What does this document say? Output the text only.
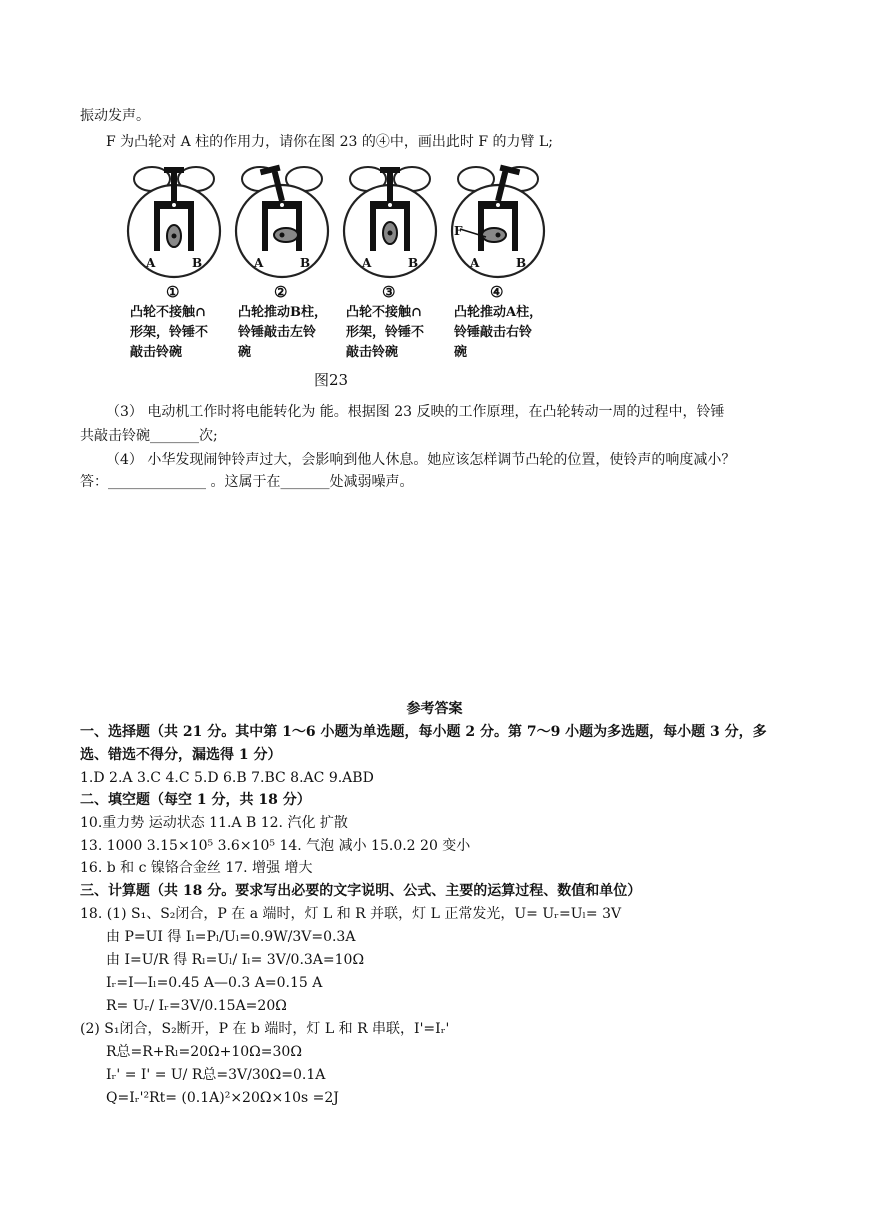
振动发声。
F 为凸轮对 A 柱的作用力，请你在图 23 的④中，画出此时 F 的力臂 L;
A	B	A	B	A	B	A	B
F
①	②	③	④
凸轮不接触∩
形架，铃锤不
敲击铃碗
凸轮推动B柱，
铃锤敲击左铃
碗
凸轮不接触∩
形架，铃锤不
敲击铃碗
凸轮推动A柱，
铃锤敲击右铃
碗
图23
（3） 电动机工作时将电能转化为 能。根据图 23 反映的工作原理，在凸轮转动一周的过程中，铃锤
共敲击铃碗_______次;
（4） 小华发现闹钟铃声过大，会影响到他人休息。她应该怎样调节凸轮的位置，使铃声的响度减小？
答：______________ 。这属于在_______处减弱噪声。
参考答案
一、选择题（共 21 分。其中第 1～6 小题为单选题，每小题 2 分。第 7～9 小题为多选题，每小题 3 分，多
选、错选不得分，漏选得 1 分）
1.D 2.A 3.C 4.C 5.D 6.B 7.BC 8.AC 9.ABD
二、填空题（每空 1 分，共 18 分）
10.重力势 运动状态 11.A B 12. 汽化 扩散
13. 1000 3.15×10⁵ 3.6×10⁵ 14. 气泡 减小 15.0.2 20 变小
16. b 和 c 镍铬合金丝 17. 增强 增大
三、计算题（共 18 分。要求写出必要的文字说明、公式、主要的运算过程、数值和单位）
18. (1) S₁、S₂闭合，P 在 a 端时，灯 L 和 R 并联，灯 L 正常发光，U= Uᵣ=Uₗ= 3V
由 P=UI 得 Iₗ=Pₗ/Uₗ=0.9W/3V=0.3A
由 I=U/R 得 Rₗ=Uₗ/ Iₗ= 3V/0.3A=10Ω
Iᵣ=I—Iₗ=0.45 A—0.3 A=0.15 A
R= Uᵣ/ Iᵣ=3V/0.15A=20Ω
(2) S₁闭合，S₂断开，P 在 b 端时，灯 L 和 R 串联，I'=Iᵣ'
R总=R+Rₗ=20Ω+10Ω=30Ω
Iᵣ' = I' = U/ R总=3V/30Ω=0.1A
Q=Iᵣ'²Rt= (0.1A)²×20Ω×10s =2J
